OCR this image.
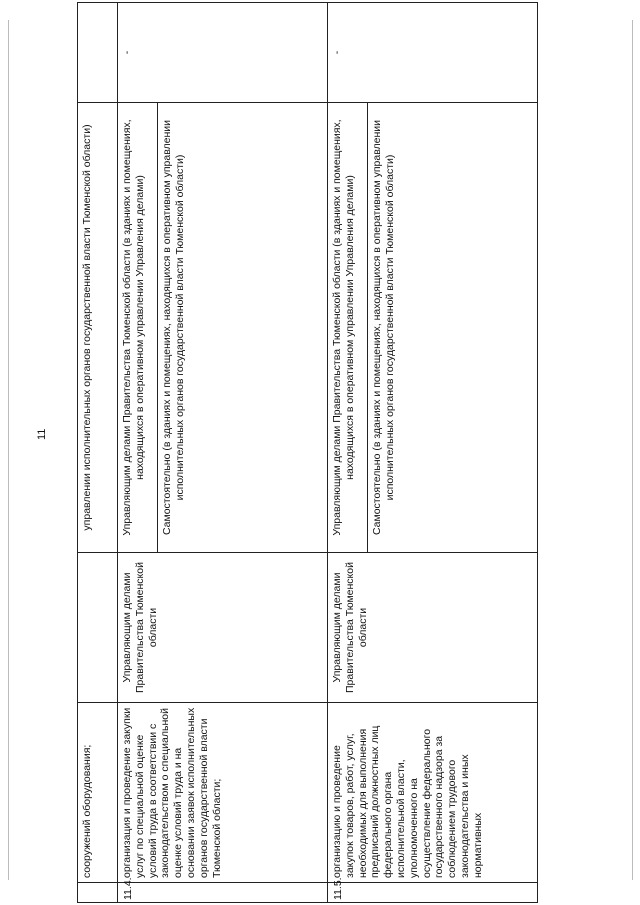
11
	сооружений оборудования;		управлении исполнительных органов государственной власти Тюменской области)	
11.4.	организация и проведение закупки услуг по специальной оценке условий труда в соответствии с законодательством о специальной оценке условий труда и на основании заявок исполнительных органов государственной власти Тюменской области;	Управляющим делами Правительства Тюменской области	Управляющим делами Правительства Тюменской области (в зданиях и помещениях, находящихся в оперативном управлении Управления делами)	-
			Самостоятельно (в зданиях и помещениях, находящихся в оперативном управлении исполнительных органов государственной власти Тюменской области)	
11.5.	организацию и проведение закупок товаров, работ, услуг, необходимых для выполнения предписаний должностных лиц федерального органа исполнительной власти, уполномоченного на осуществление федерального государственного надзора за соблюдением трудового законодательства и иных нормативных	Управляющим делами Правительства Тюменской области	Управляющим делами Правительства Тюменской области (в зданиях и помещениях, находящихся в оперативном управлении Управления делами)	-
			Самостоятельно (в зданиях и помещениях, находящихся в оперативном управлении исполнительных органов государственной власти Тюменской области)	
